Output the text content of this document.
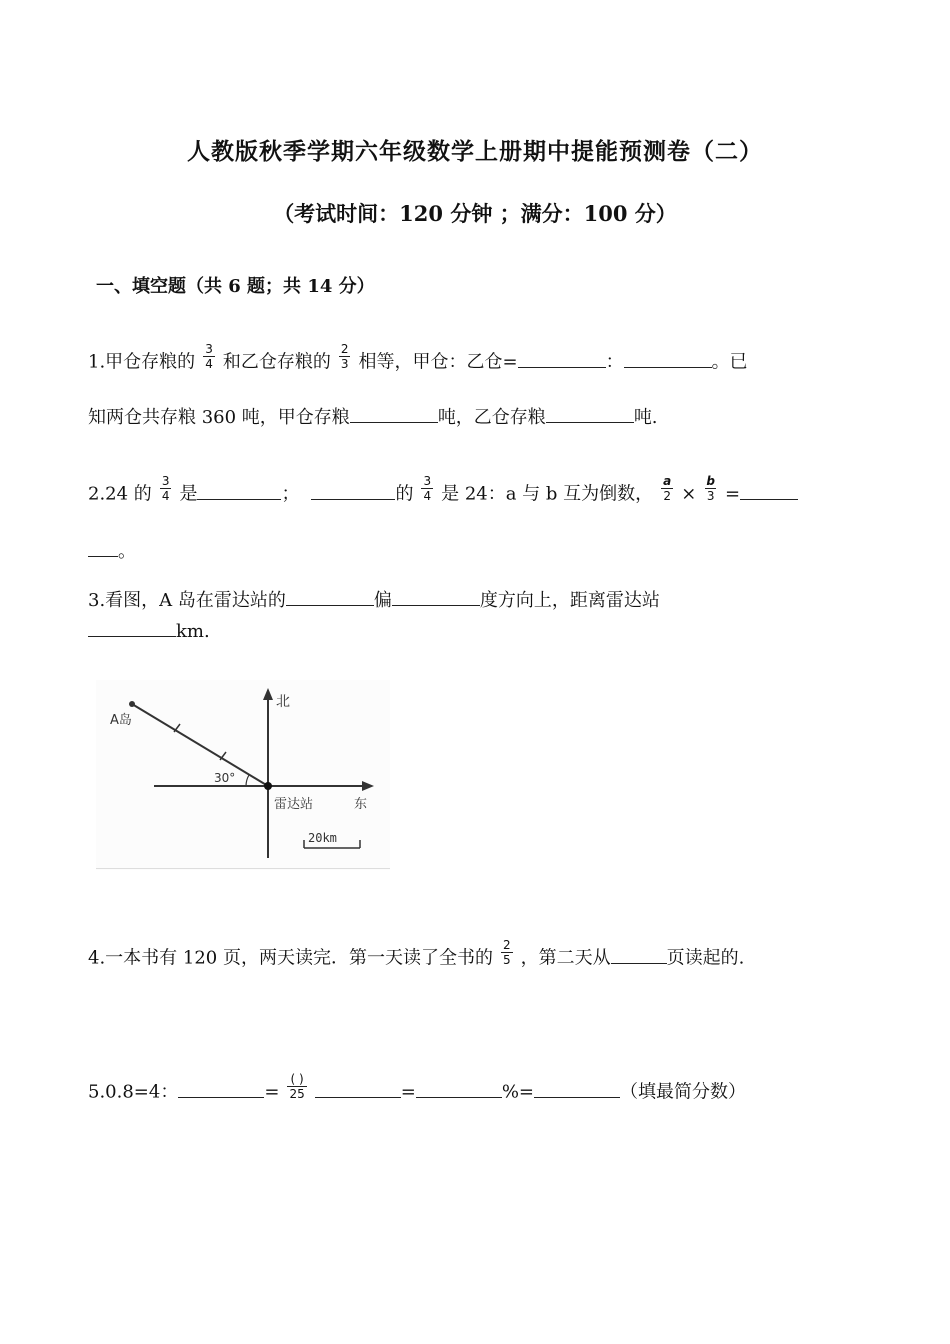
人教版秋季学期六年级数学上册期中提能预测卷（二）
（考试时间：120 分钟 ；满分：100 分）
一、填空题（共 6 题；共 14 分）
1.甲仓存粮的 $\frac{3}{4}$ 和乙仓存粮的 $\frac{2}{3}$ 相等，甲仓：乙仓=	：	。已
知两仓共存粮 360 吨，甲仓存粮	吨，乙仓存粮	吨.
2.24 的 $\frac{3}{4}$ 是	；	的 $\frac{3}{4}$ 是 24：a 与 b 互为倒数， $\frac{a}{2} \times \frac{b}{3}$ =
。
3.看图，A 岛在雷达站的	偏	度方向上，距离雷达站
km.
北
A岛
30°
雷达站	东
20km
4.一本书有 120 页，两天读完．第一天读了全书的 $\frac{2}{5}$ ，第二天从	页读起的.
5.0.8=4：	= $\frac{( )}{25}$	=	%=	（填最简分数）
